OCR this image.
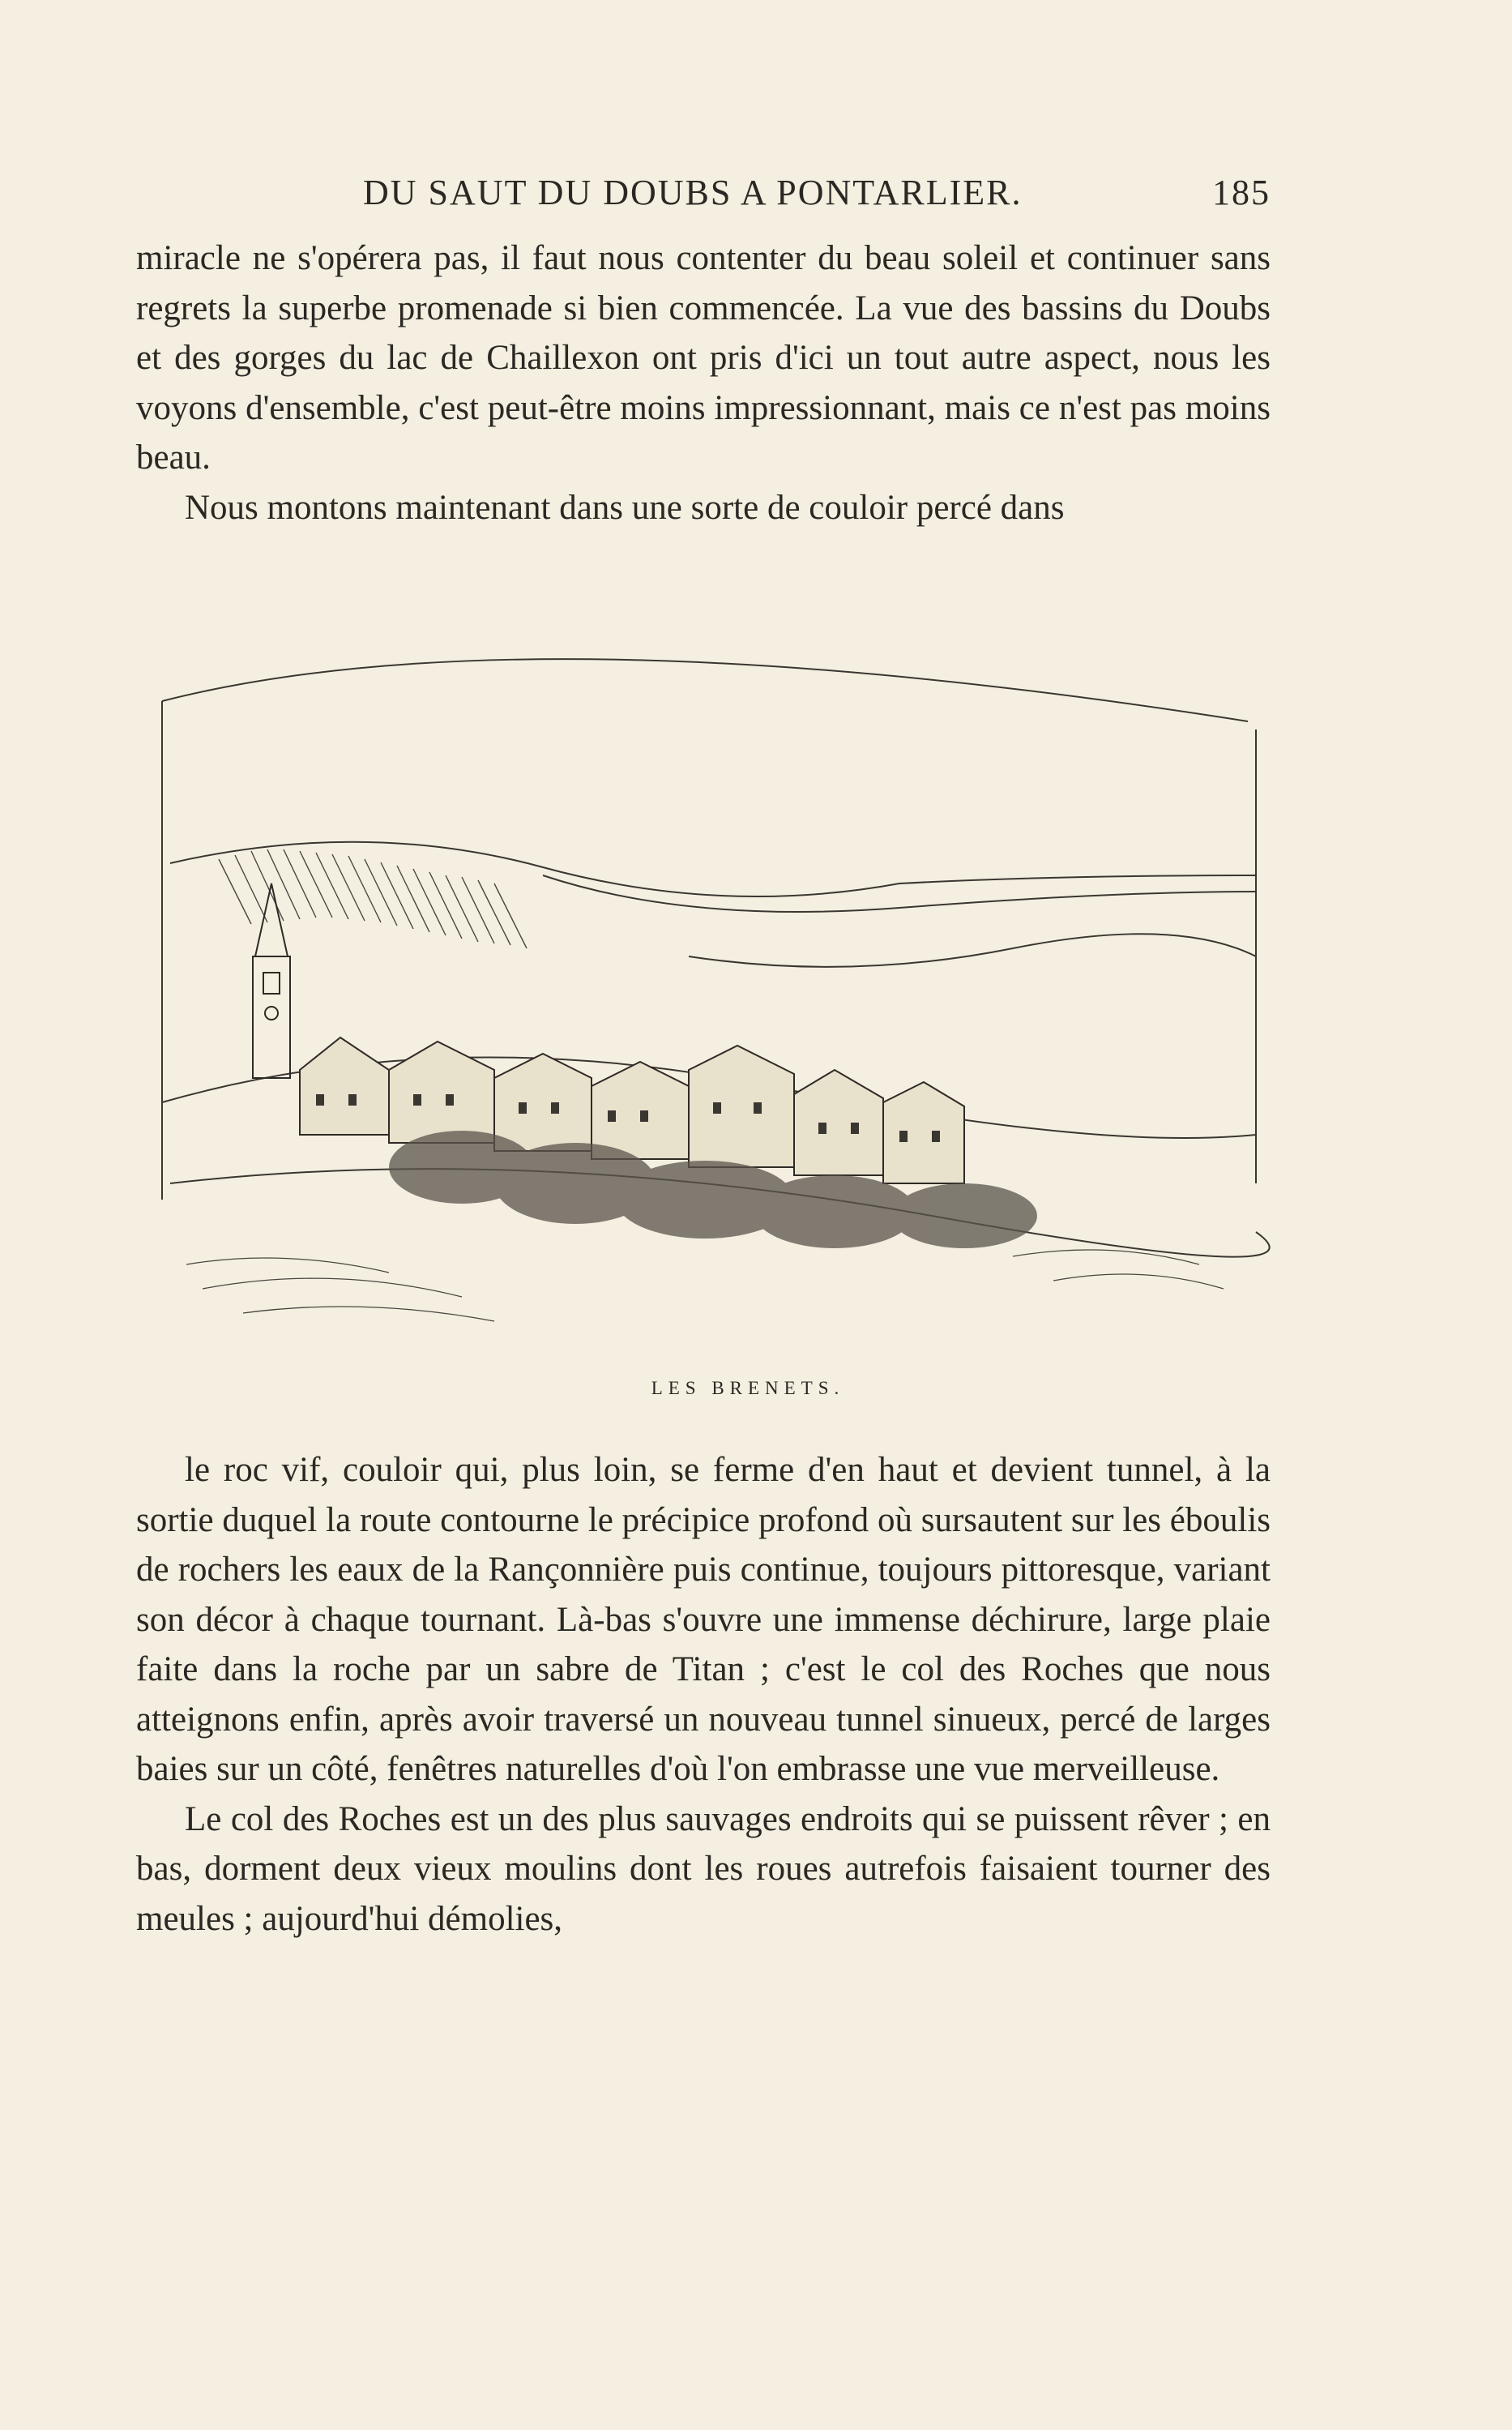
DU SAUT DU DOUBS A PONTARLIER.	185

miracle ne s'opérera pas, il faut nous contenter du beau soleil et continuer sans regrets la superbe promenade si bien commencée. La vue des bassins du Doubs et des gorges du lac de Chaillexon ont pris d'ici un tout autre aspect, nous les voyons d'ensemble, c'est peut-être moins impressionnant, mais ce n'est pas moins beau.

Nous montons maintenant dans une sorte de couloir percé dans

LES BRENETS.

le roc vif, couloir qui, plus loin, se ferme d'en haut et devient tunnel, à la sortie duquel la route contourne le précipice profond où sursautent sur les éboulis de rochers les eaux de la Rançonnière puis continue, toujours pittoresque, variant son décor à chaque tournant. Là-bas s'ouvre une immense déchirure, large plaie faite dans la roche par un sabre de Titan ; c'est le col des Roches que nous atteignons enfin, après avoir traversé un nouveau tunnel sinueux, percé de larges baies sur un côté, fenêtres naturelles d'où l'on embrasse une vue merveilleuse.

Le col des Roches est un des plus sauvages endroits qui se puissent rêver ; en bas, dorment deux vieux moulins dont les roues autrefois faisaient tourner des meules ; aujourd'hui démolies,
